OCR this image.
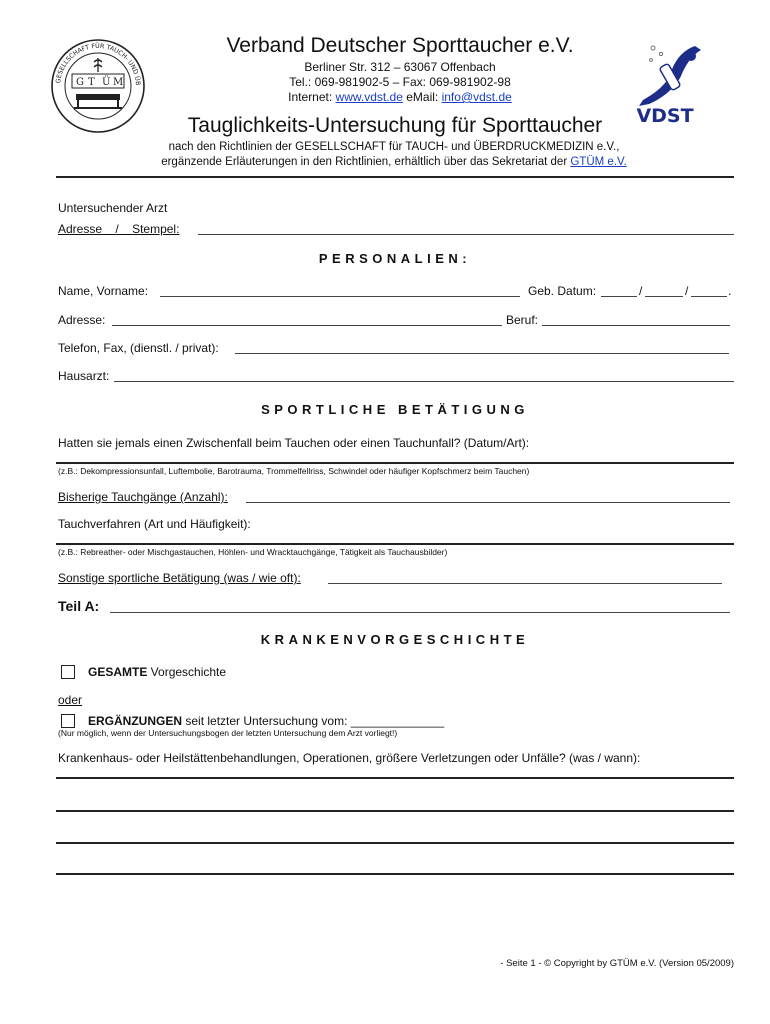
GESELLSCHAFT FÜR TAUCH- UND ÜB
G T Ü M
Verband Deutscher Sporttaucher e.V.
Berliner Str. 312 – 63067 Offenbach
Tel.: 069-981902-5 – Fax: 069-981902-98
Internet: www.vdst.de eMail: info@vdst.de
VDST
Tauglichkeits-Untersuchung für Sporttaucher
nach den Richtlinien der GESELLSCHAFT für TAUCH- und ÜBERDRUCKMEDIZIN e.V.,
ergänzende Erläuterungen in den Richtlinien, erhältlich über das Sekretariat der GTÜM e.V.
Untersuchender Arzt
Adresse / Stempel:
PERSONALIEN:
Name, Vorname:	Geb. Datum:	/	/	.
Adresse:	Beruf:
Telefon, Fax, (dienstl. / privat):
Hausarzt:
SPORTLICHE BETÄTIGUNG
Hatten sie jemals einen Zwischenfall beim Tauchen oder einen Tauchunfall? (Datum/Art):
(z.B.: Dekompressionsunfall, Luftembolie, Barotrauma, Trommelfellriss, Schwindel oder häufiger Kopfschmerz beim Tauchen)
Bisherige Tauchgänge (Anzahl):
Tauchverfahren (Art und Häufigkeit):
(z.B.: Rebreather- oder Mischgastauchen, Höhlen- und Wracktauchgänge, Tätigkeit als Tauchausbilder)
Sonstige sportliche Betätigung (was / wie oft):
Teil A:
KRANKENVORGESCHICHTE
GESAMTE Vorgeschichte
oder
ERGÄNZUNGEN seit letzter Untersuchung vom: ______________
(Nur möglich, wenn der Untersuchungsbogen der letzten Untersuchung dem Arzt vorliegt!)
Krankenhaus- oder Heilstättenbehandlungen, Operationen, größere Verletzungen oder Unfälle? (was / wann):
- Seite 1 - © Copyright by GTÜM e.V. (Version 05/2009)
